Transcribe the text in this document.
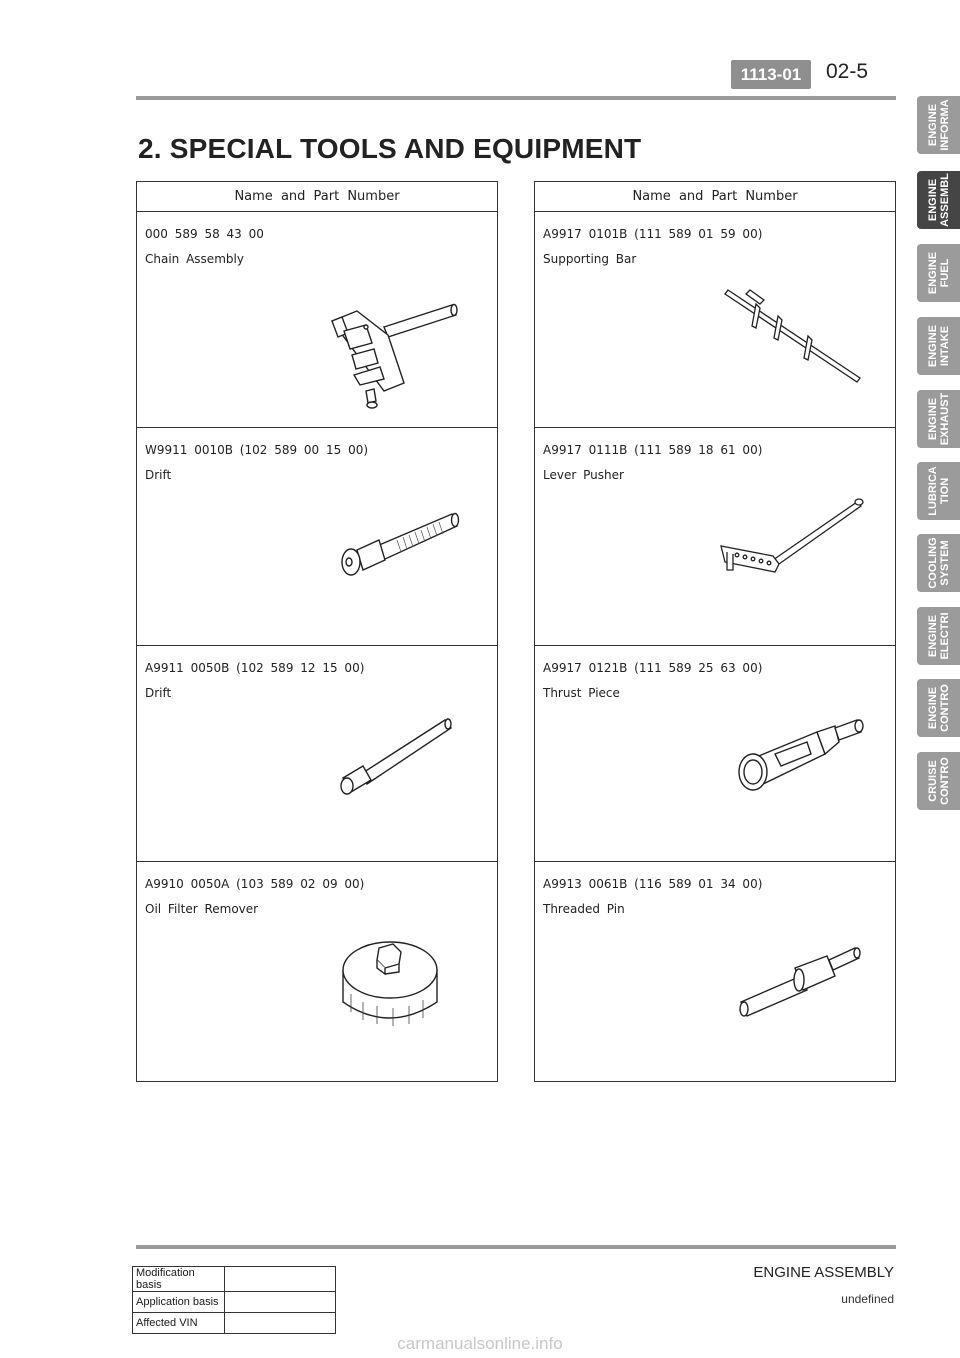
1113-01	02-5
2. SPECIAL TOOLS AND EQUIPMENT
Name and Part Number
000 589 58 43 00
Chain Assembly
W9911 0010B (102 589 00 15 00)
Drift
A9911 0050B (102 589 12 15 00)
Drift
A9910 0050A (103 589 02 09 00)
Oil Filter Remover
Name and Part Number
A9917 0101B (111 589 01 59 00)
Supporting Bar
A9917 0111B (111 589 18 61 00)
Lever Pusher
A9917 0121B (111 589 25 63 00)
Thrust Piece
A9913 0061B (116 589 01 34 00)
Threaded Pin
ENGINE INFORMA
ENGINE ASSEMBL
ENGINE FUEL
ENGINE INTAKE
ENGINE EXHAUST
LUBRICA TION
COOLING SYSTEM
ENGINE ELECTRI
ENGINE CONTRO
CRUISE CONTRO
ENGINE ASSEMBLY
undefined
Modification basis	
Application basis	
Affected VIN	
carmanualsonline.info
